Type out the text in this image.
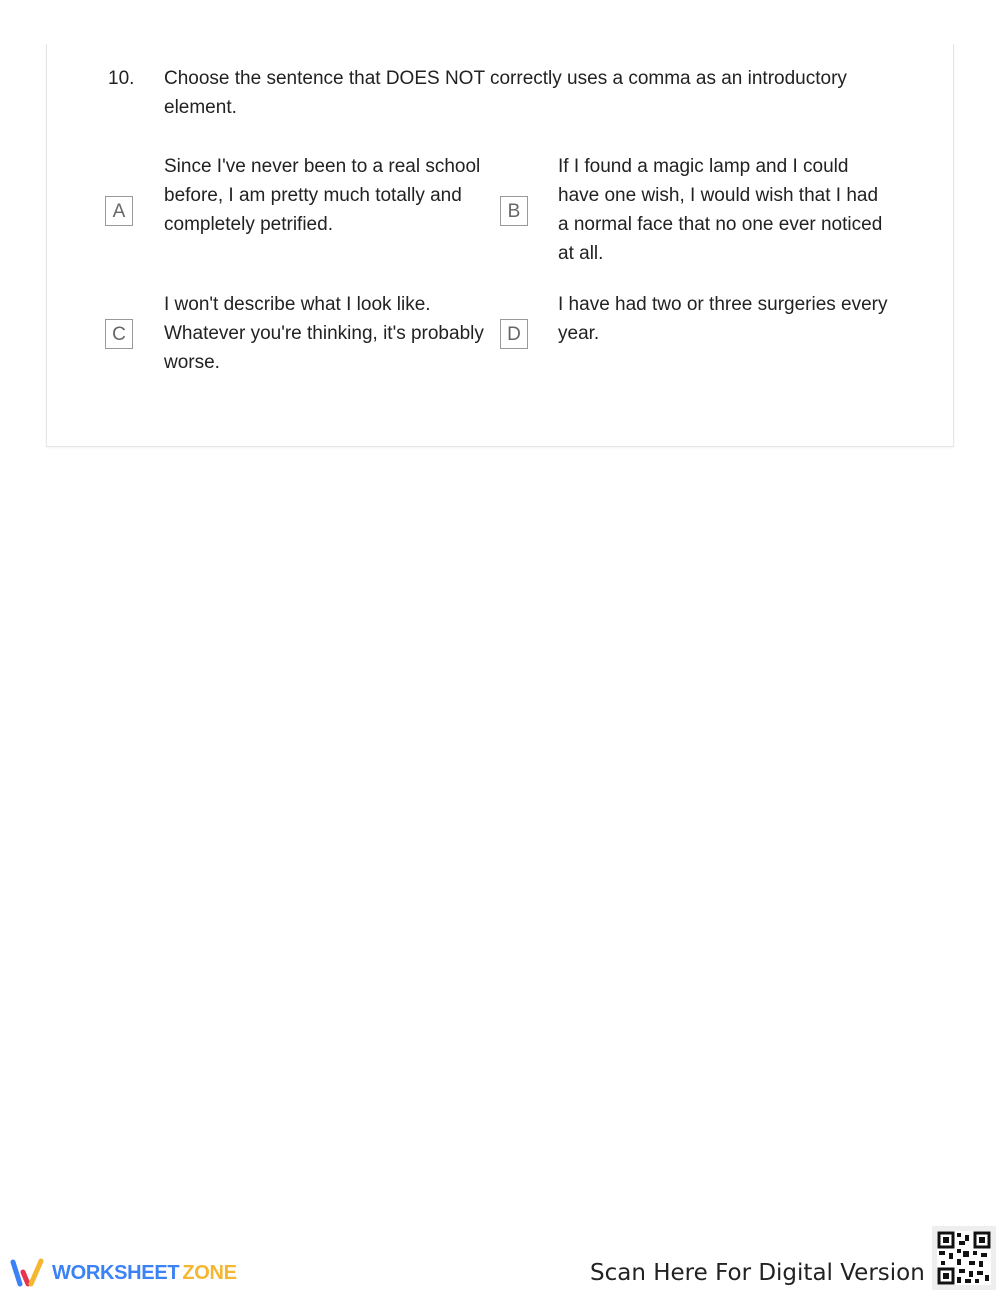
10. Choose the sentence that DOES NOT correctly uses a comma as an introductory element.
A
Since I've never been to a real school before, I am pretty much totally and completely petrified.
B
If I found a magic lamp and I could have one wish, I would wish that I had a normal face that no one ever noticed at all.
C
I won't describe what I look like. Whatever you're thinking, it's probably worse.
D
I have had two or three surgeries every year.
WORKSHEET ZONE	Scan Here For Digital Version
